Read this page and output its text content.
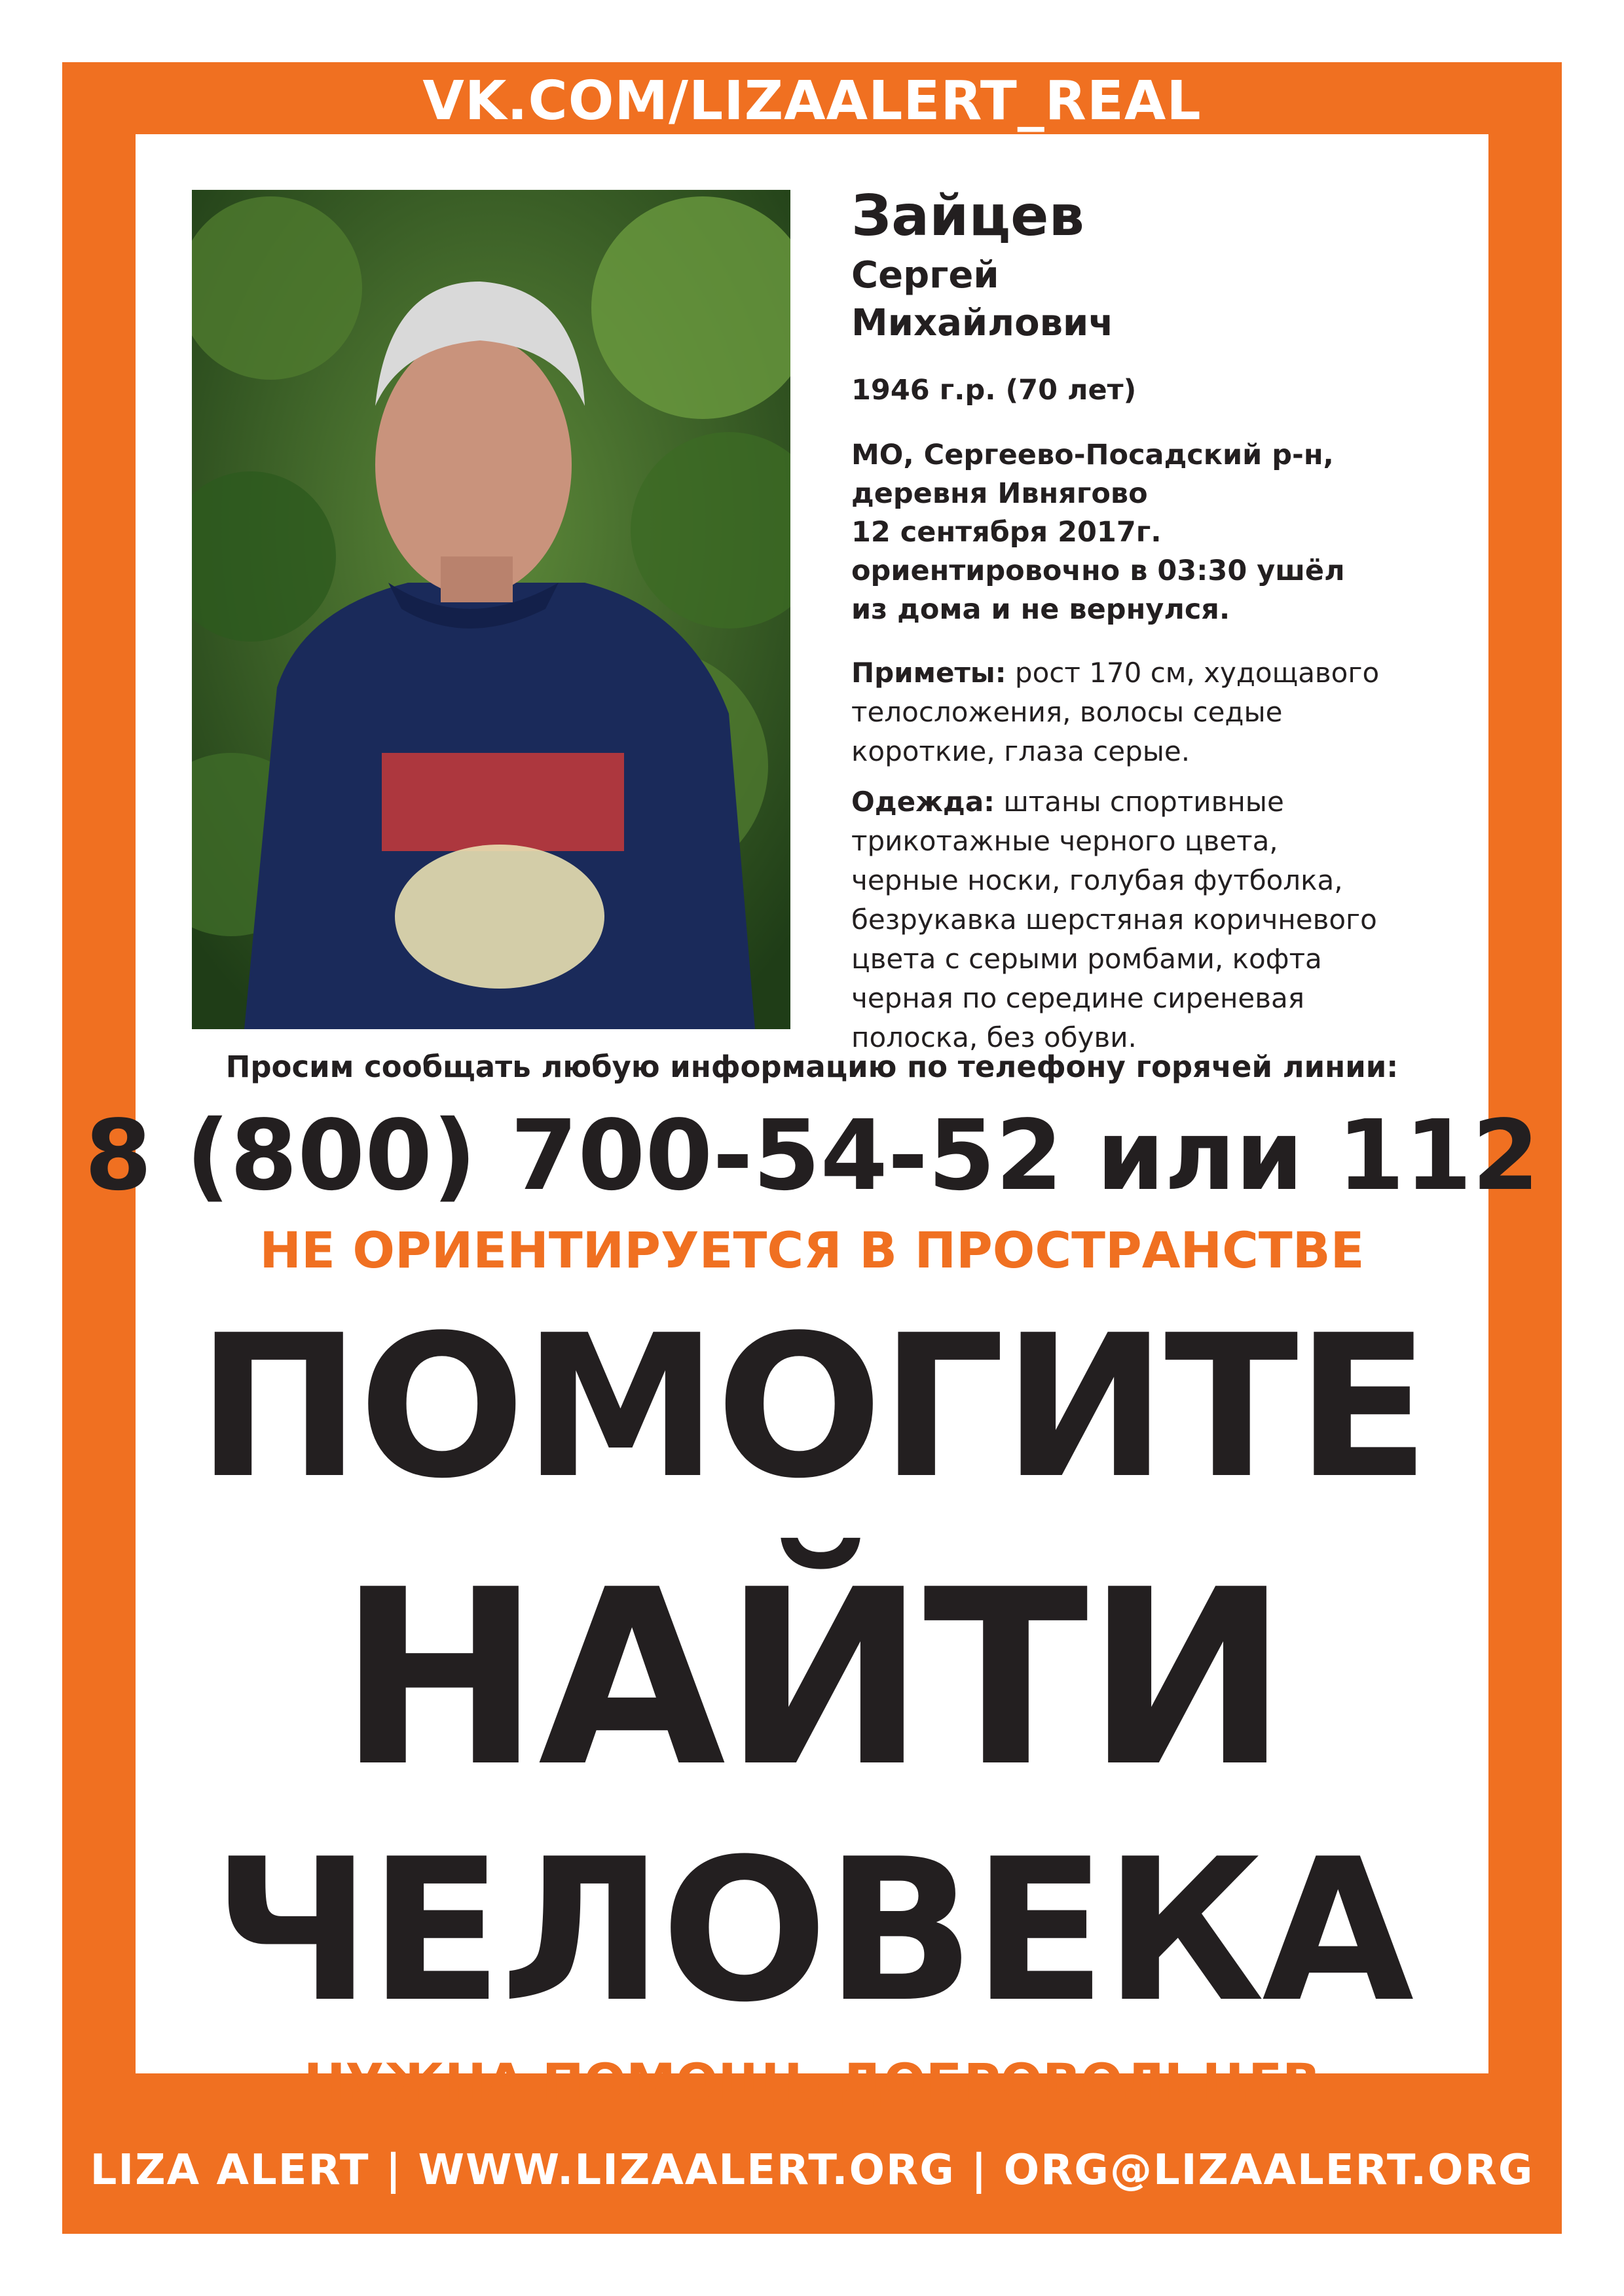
VK.COM/LIZAALERT_REAL
Зайцев
Сергей
Михайлович
1946 г.р. (70 лет)
МО, Сергеево-Посадский р-н,
деревня Ивнягово
12 сентября 2017г.
ориентировочно в 03:30 ушёл
из дома и не вернулся.
Приметы: рост 170 см, худощавого
телосложения, волосы седые
короткие, глаза серые.
Одежда: штаны спортивные
трикотажные черного цвета,
черные носки, голубая футболка,
безрукавка шерстяная коричневого
цвета с серыми ромбами, кофта
черная по середине сиреневая
полоска, без обуви.
Просим сообщать любую информацию по телефону горячей линии:
8 (800) 700-54-52 или 112
НЕ ОРИЕНТИРУЕТСЯ В ПРОСТРАНСТВЕ
ПОМОГИТЕ
НАЙТИ
ЧЕЛОВЕКА
НУЖНА ПОМОЩЬ ДОБРОВОЛЬЦЕВ
LIZA ALERT | WWW.LIZAALERT.ORG | ORG@LIZAALERT.ORG
